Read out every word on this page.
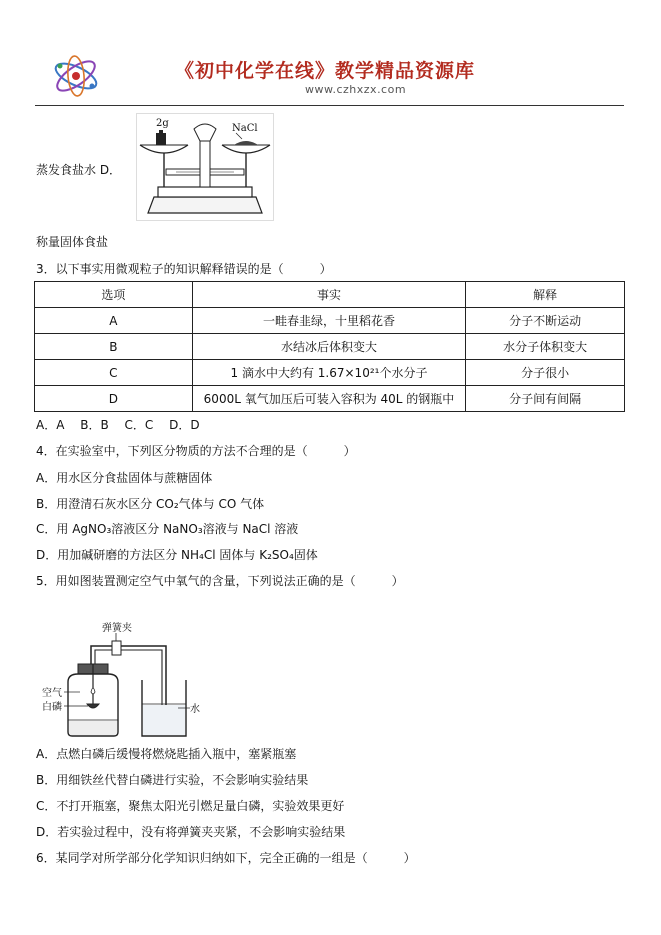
《初中化学在线》教学精品资源库
www.czhxzx.com
蒸发食盐水 D．
2g	NaCl
称量固体食盐
3．以下事实用微观粒子的知识解释错误的是（　　　）
选项	事实	解释
A	一畦春韭绿，十里稻花香	分子不断运动
B	水结冰后体积变大	水分子体积变大
C	1 滴水中大约有 1.67×10²¹个水分子	分子很小
D	6000L 氧气加压后可装入容积为 40L 的钢瓶中	分子间有间隔
A．A　 B．B　 C．C　 D．D
4．在实验室中，下列区分物质的方法不合理的是（　　　）
A．用水区分食盐固体与蔗糖固体
B．用澄清石灰水区分 CO₂气体与 CO 气体
C．用 AgNO₃溶液区分 NaNO₃溶液与 NaCl 溶液
D．用加碱研磨的方法区分 NH₄Cl 固体与 K₂SO₄固体
5．用如图装置测定空气中氧气的含量，下列说法正确的是（　　　）
弹簧夹
空气
白磷	水
A．点燃白磷后缓慢将燃烧匙插入瓶中，塞紧瓶塞
B．用细铁丝代替白磷进行实验，不会影响实验结果
C．不打开瓶塞，聚焦太阳光引燃足量白磷，实验效果更好
D．若实验过程中，没有将弹簧夹夹紧，不会影响实验结果
6．某同学对所学部分化学知识归纳如下，完全正确的一组是（　　　）
